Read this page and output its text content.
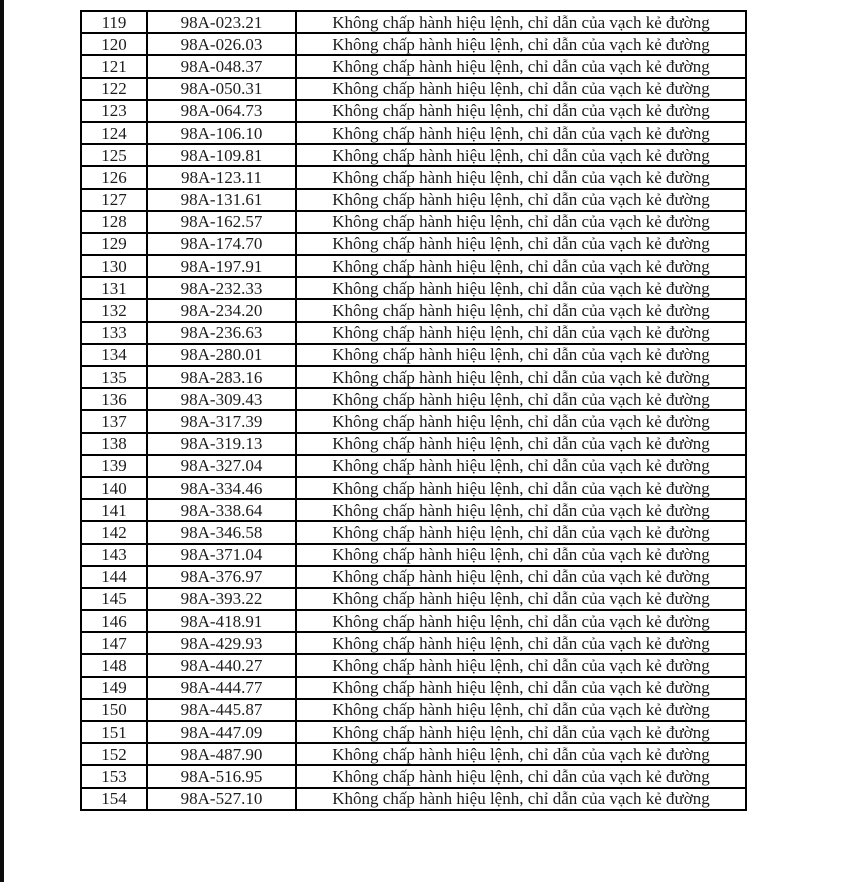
119	98A-023.21	Không chấp hành hiệu lệnh, chỉ dẫn của vạch kẻ đường
120	98A-026.03	Không chấp hành hiệu lệnh, chỉ dẫn của vạch kẻ đường
121	98A-048.37	Không chấp hành hiệu lệnh, chỉ dẫn của vạch kẻ đường
122	98A-050.31	Không chấp hành hiệu lệnh, chỉ dẫn của vạch kẻ đường
123	98A-064.73	Không chấp hành hiệu lệnh, chỉ dẫn của vạch kẻ đường
124	98A-106.10	Không chấp hành hiệu lệnh, chỉ dẫn của vạch kẻ đường
125	98A-109.81	Không chấp hành hiệu lệnh, chỉ dẫn của vạch kẻ đường
126	98A-123.11	Không chấp hành hiệu lệnh, chỉ dẫn của vạch kẻ đường
127	98A-131.61	Không chấp hành hiệu lệnh, chỉ dẫn của vạch kẻ đường
128	98A-162.57	Không chấp hành hiệu lệnh, chỉ dẫn của vạch kẻ đường
129	98A-174.70	Không chấp hành hiệu lệnh, chỉ dẫn của vạch kẻ đường
130	98A-197.91	Không chấp hành hiệu lệnh, chỉ dẫn của vạch kẻ đường
131	98A-232.33	Không chấp hành hiệu lệnh, chỉ dẫn của vạch kẻ đường
132	98A-234.20	Không chấp hành hiệu lệnh, chỉ dẫn của vạch kẻ đường
133	98A-236.63	Không chấp hành hiệu lệnh, chỉ dẫn của vạch kẻ đường
134	98A-280.01	Không chấp hành hiệu lệnh, chỉ dẫn của vạch kẻ đường
135	98A-283.16	Không chấp hành hiệu lệnh, chỉ dẫn của vạch kẻ đường
136	98A-309.43	Không chấp hành hiệu lệnh, chỉ dẫn của vạch kẻ đường
137	98A-317.39	Không chấp hành hiệu lệnh, chỉ dẫn của vạch kẻ đường
138	98A-319.13	Không chấp hành hiệu lệnh, chỉ dẫn của vạch kẻ đường
139	98A-327.04	Không chấp hành hiệu lệnh, chỉ dẫn của vạch kẻ đường
140	98A-334.46	Không chấp hành hiệu lệnh, chỉ dẫn của vạch kẻ đường
141	98A-338.64	Không chấp hành hiệu lệnh, chỉ dẫn của vạch kẻ đường
142	98A-346.58	Không chấp hành hiệu lệnh, chỉ dẫn của vạch kẻ đường
143	98A-371.04	Không chấp hành hiệu lệnh, chỉ dẫn của vạch kẻ đường
144	98A-376.97	Không chấp hành hiệu lệnh, chỉ dẫn của vạch kẻ đường
145	98A-393.22	Không chấp hành hiệu lệnh, chỉ dẫn của vạch kẻ đường
146	98A-418.91	Không chấp hành hiệu lệnh, chỉ dẫn của vạch kẻ đường
147	98A-429.93	Không chấp hành hiệu lệnh, chỉ dẫn của vạch kẻ đường
148	98A-440.27	Không chấp hành hiệu lệnh, chỉ dẫn của vạch kẻ đường
149	98A-444.77	Không chấp hành hiệu lệnh, chỉ dẫn của vạch kẻ đường
150	98A-445.87	Không chấp hành hiệu lệnh, chỉ dẫn của vạch kẻ đường
151	98A-447.09	Không chấp hành hiệu lệnh, chỉ dẫn của vạch kẻ đường
152	98A-487.90	Không chấp hành hiệu lệnh, chỉ dẫn của vạch kẻ đường
153	98A-516.95	Không chấp hành hiệu lệnh, chỉ dẫn của vạch kẻ đường
154	98A-527.10	Không chấp hành hiệu lệnh, chỉ dẫn của vạch kẻ đường
